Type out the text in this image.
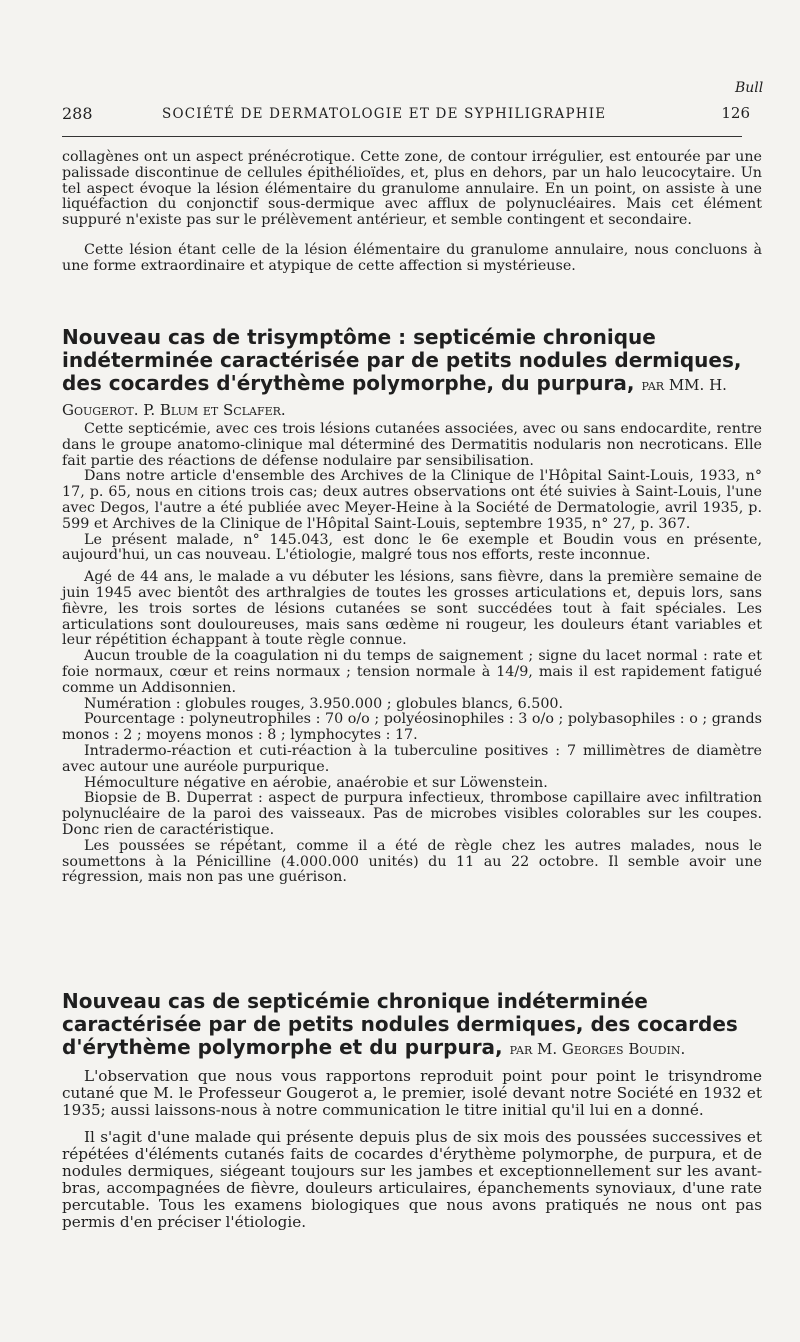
Bull
288	SOCIÉTÉ DE DERMATOLOGIE ET DE SYPHILIGRAPHIE	126

collagènes ont un aspect prénécrotique. Cette zone, de contour irrégulier, est entourée par une palissade discontinue de cellules épithélioïdes, et, plus en dehors, par un halo leucocytaire. Un tel aspect évoque la lésion élémentaire du granulome annulaire. En un point, on assiste à une liquéfaction du conjonctif sous-dermique avec afflux de polynucléaires. Mais cet élément suppuré n'existe pas sur le prélèvement antérieur, et semble contingent et secondaire.

Cette lésion étant celle de la lésion élémentaire du granulome annulaire, nous concluons à une forme extraordinaire et atypique de cette affection si mystérieuse.

Nouveau cas de trisymptôme : septicémie chronique indéterminée caractérisée par de petits nodules dermiques, des cocardes d'érythème polymorphe, du purpura, par MM. H. Gougerot. P. Blum et Sclafer.

Cette septicémie, avec ces trois lésions cutanées associées, avec ou sans endocardite, rentre dans le groupe anatomo-clinique mal déterminé des Dermatitis nodularis non necroticans. Elle fait partie des réactions de défense nodulaire par sensibilisation.

Dans notre article d'ensemble des Archives de la Clinique de l'Hôpital Saint-Louis, 1933, n° 17, p. 65, nous en citions trois cas; deux autres observations ont été suivies à Saint-Louis, l'une avec Degos, l'autre a été publiée avec Meyer-Heine à la Société de Dermatologie, avril 1935, p. 599 et Archives de la Clinique de l'Hôpital Saint-Louis, septembre 1935, n° 27, p. 367.

Le présent malade, n° 145.043, est donc le 6e exemple et Boudin vous en présente, aujourd'hui, un cas nouveau. L'étiologie, malgré tous nos efforts, reste inconnue.

Agé de 44 ans, le malade a vu débuter les lésions, sans fièvre, dans la première semaine de juin 1945 avec bientôt des arthralgies de toutes les grosses articulations et, depuis lors, sans fièvre, les trois sortes de lésions cutanées se sont succédées tout à fait spéciales. Les articulations sont douloureuses, mais sans œdème ni rougeur, les douleurs étant variables et leur répétition échappant à toute règle connue.

Aucun trouble de la coagulation ni du temps de saignement ; signe du lacet normal : rate et foie normaux, cœur et reins normaux ; tension normale à 14/9, mais il est rapidement fatigué comme un Addisonnien.

Numération : globules rouges, 3.950.000 ; globules blancs, 6.500.

Pourcentage : polyneutrophiles : 70 o/o ; polyéosinophiles : 3 o/o ; polybasophiles : o ; grands monos : 2 ; moyens monos : 8 ; lymphocytes : 17.

Intradermo-réaction et cuti-réaction à la tuberculine positives : 7 millimètres de diamètre avec autour une auréole purpurique.

Hémoculture négative en aérobie, anaérobie et sur Löwenstein.

Biopsie de B. Duperrat : aspect de purpura infectieux, thrombose capillaire avec infiltration polynucléaire de la paroi des vaisseaux. Pas de microbes visibles colorables sur les coupes. Donc rien de caractéristique.

Les poussées se répétant, comme il a été de règle chez les autres malades, nous le soumettons à la Pénicilline (4.000.000 unités) du 11 au 22 octobre. Il semble avoir une régression, mais non pas une guérison.

Nouveau cas de septicémie chronique indéterminée caractérisée par de petits nodules dermiques, des cocardes d'érythème polymorphe et du purpura, par M. Georges Boudin.

L'observation que nous vous rapportons reproduit point pour point le trisyndrome cutané que M. le Professeur Gougerot a, le premier, isolé devant notre Société en 1932 et 1935; aussi laissons-nous à notre communication le titre initial qu'il lui en a donné.

Il s'agit d'une malade qui présente depuis plus de six mois des poussées successives et répétées d'éléments cutanés faits de cocardes d'érythème polymorphe, de purpura, et de nodules dermiques, siégeant toujours sur les jambes et exceptionnellement sur les avant-bras, accompagnées de fièvre, douleurs articulaires, épanchements synoviaux, d'une rate percutable. Tous les examens biologiques que nous avons pratiqués ne nous ont pas permis d'en préciser l'étiologie.
